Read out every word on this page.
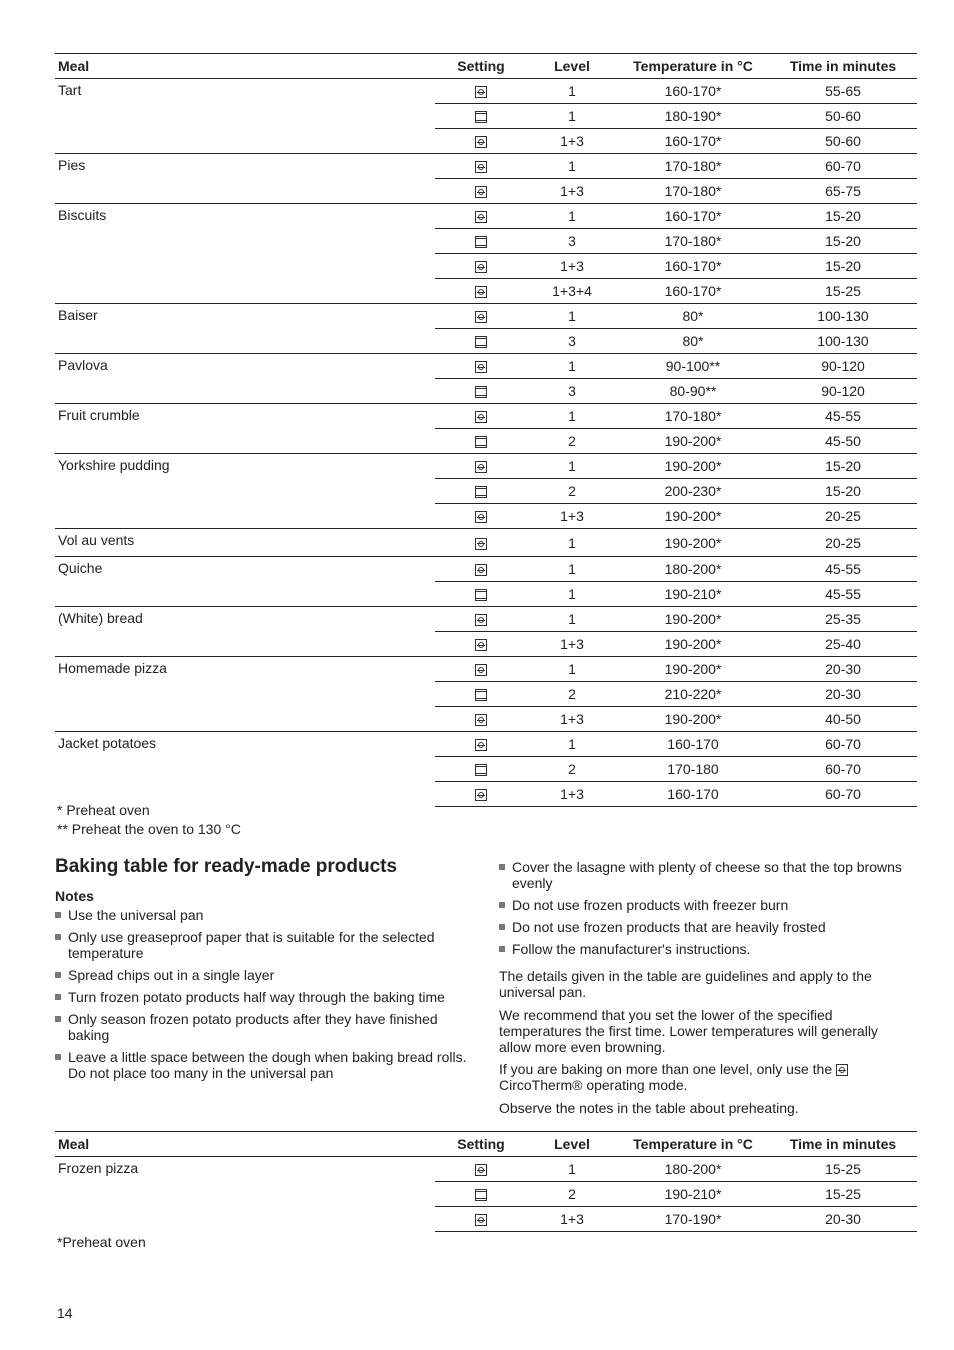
Meal	Setting	Level	Temperature in °C	Time in minutes
Tart		1	160-170*	55-65
		1	180-190*	50-60
		1+3	160-170*	50-60
Pies		1	170-180*	60-70
		1+3	170-180*	65-75
Biscuits		1	160-170*	15-20
		3	170-180*	15-20
		1+3	160-170*	15-20
		1+3+4	160-170*	15-25
Baiser		1	80*	100-130
		3	80*	100-130
Pavlova		1	90-100**	90-120
		3	80-90**	90-120
Fruit crumble		1	170-180*	45-55
		2	190-200*	45-50
Yorkshire pudding		1	190-200*	15-20
		2	200-230*	15-20
		1+3	190-200*	20-25
Vol au vents		1	190-200*	20-25
Quiche		1	180-200*	45-55
		1	190-210*	45-55
(White) bread		1	190-200*	25-35
		1+3	190-200*	25-40
Homemade pizza		1	190-200*	20-30
		2	210-220*	20-30
		1+3	190-200*	40-50
Jacket potatoes		1	160-170	60-70
		2	170-180	60-70
		1+3	160-170	60-70
* Preheat oven
** Preheat the oven to 130 °C
Baking table for ready-made products
Notes
Use the universal pan
Only use greaseproof paper that is suitable for the selected temperature
Spread chips out in a single layer
Turn frozen potato products half way through the baking time
Only season frozen potato products after they have finished baking
Leave a little space between the dough when baking bread rolls. Do not place too many in the universal pan
Cover the lasagne with plenty of cheese so that the top browns evenly
Do not use frozen products with freezer burn
Do not use frozen products that are heavily frosted
Follow the manufacturer's instructions.

The details given in the table are guidelines and apply to the universal pan.

We recommend that you set the lower of the specified temperatures the first time. Lower temperatures will generally allow more even browning.

If you are baking on more than one level, only use the  CircoTherm® operating mode.

Observe the notes in the table about preheating.

Meal	Setting	Level	Temperature in °C	Time in minutes
Frozen pizza		1	180-200*	15-25
		2	190-210*	15-25
		1+3	170-190*	20-30
*Preheat oven
14
